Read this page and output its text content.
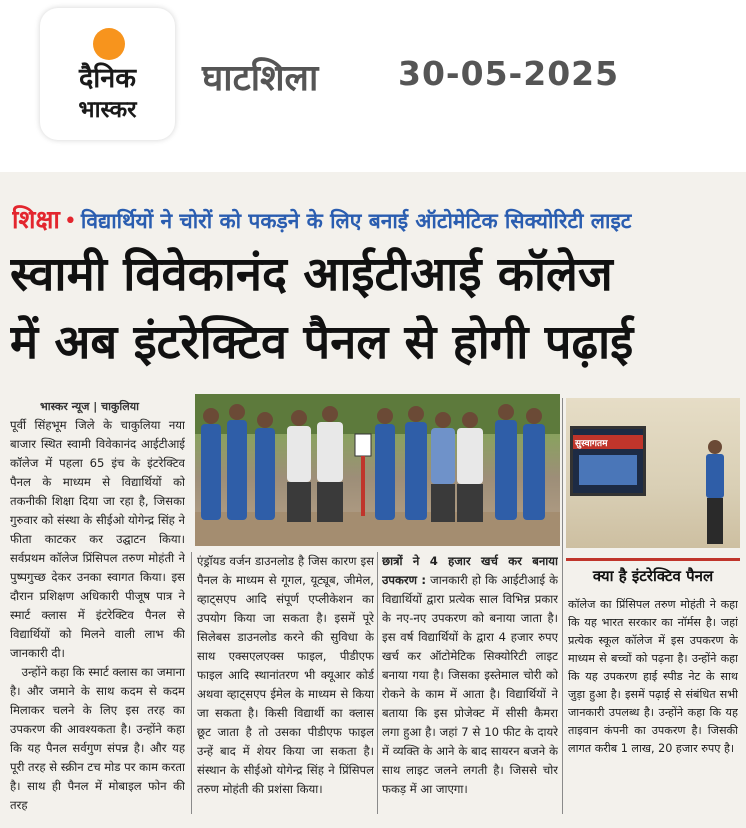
दैनिक
भास्कर
घाटशिला 30-05-2025
शिक्षा • विद्यार्थियों ने चोरों को पकड़ने के लिए बनाई ऑटोमेटिक सिक्योरिटी लाइट
स्वामी विवेकानंद आईटीआई कॉलेज
में अब इंटरेक्टिव पैनल से होगी पढ़ाई
भास्कर न्यूज | चाकुलिया

पूर्वी सिंहभूम जिले के चाकुलिया नया बाजार स्थित स्वामी विवेकानंद आईटीआई कॉलेज में पहला 65 इंच के इंटरेक्टिव पैनल के माध्यम से विद्यार्थियों को तकनीकी शिक्षा दिया जा रहा है, जिसका गुरुवार को संस्था के सीईओ योगेन्द्र सिंह ने फीता काटकर कर उद्घाटन किया। सर्वप्रथम कॉलेज प्रिंसिपल तरुण मोहंती ने पुष्पगुच्छ देकर उनका स्वागत किया। इस दौरान प्रशिक्षण अधिकारी पीजूष पात्र ने स्मार्ट क्लास में इंटरेक्टिव पैनल से विद्यार्थियों को मिलने वाली लाभ की जानकारी दी।

उन्होंने कहा कि स्मार्ट क्लास का जमाना है। और जमाने के साथ कदम से कदम मिलाकर चलने के लिए इस तरह का उपकरण की आवश्यकता है। उन्होंने कहा कि यह पैनल सर्वगुण संपन्न है। और यह पूरी तरह से स्क्रीन टच मोड पर काम करता है। साथ ही पैनल में मोबाइल फोन की तरह

सुस्वागतम
क्या है इंटरेक्टिव पैनल

एंड्रॉयड वर्जन डाउनलोड है जिस कारण इस पैनल के माध्यम से गूगल, यूट्यूब, जीमेल, व्हाट्सएप आदि संपूर्ण एप्लीकेशन का उपयोग किया जा सकता है। इसमें पूरे सिलेबस डाउनलोड करने की सुविधा के साथ एक्सएलएक्स फाइल, पीडीएफ फाइल आदि स्थानांतरण भी क्यूआर कोर्ड अथवा व्हाट्सएप ईमेल के माध्यम से किया जा सकता है। किसी विद्यार्थी का क्लास छूट जाता है तो उसका पीडीएफ फाइल उन्हें बाद में शेयर किया जा सकता है। संस्थान के सीईओ योगेन्द्र सिंह ने प्रिंसिपल तरुण मोहंती की प्रशंसा किया।

छात्रों ने 4 हजार खर्च कर बनाया उपकरण : जानकारी हो कि आईटीआई के विद्यार्थियों द्वारा प्रत्येक साल विभिन्न प्रकार के नए-नए उपकरण को बनाया जाता है। इस वर्ष विद्यार्थियों के द्वारा 4 हजार रुपए खर्च कर ऑटोमेटिक सिक्योरिटी लाइट बनाया गया है। जिसका इस्तेमाल चोरी को रोकने के काम में आता है। विद्यार्थियों ने बताया कि इस प्रोजेक्ट में सीसी कैमरा लगा हुआ है। जहां 7 से 10 फीट के दायरे में व्यक्ति के आने के बाद सायरन बजने के साथ लाइट जलने लगती है। जिससे चोर फकड़ में आ जाएगा।

कॉलेज का प्रिंसिपल तरुण मोहंती ने कहा कि यह भारत सरकार का नॉर्मस है। जहां प्रत्येक स्कूल कॉलेज में इस उपकरण के माध्यम से बच्चों को पढ़ना है। उन्होंने कहा कि यह उपकरण हाई स्पीड नेट के साथ जुड़ा हुआ है। इसमें पढ़ाई से संबंधित सभी जानकारी उपलब्ध है। उन्होंने कहा कि यह ताइवान कंपनी का उपकरण है। जिसकी लागत करीब 1 लाख, 20 हजार रुपए है।
